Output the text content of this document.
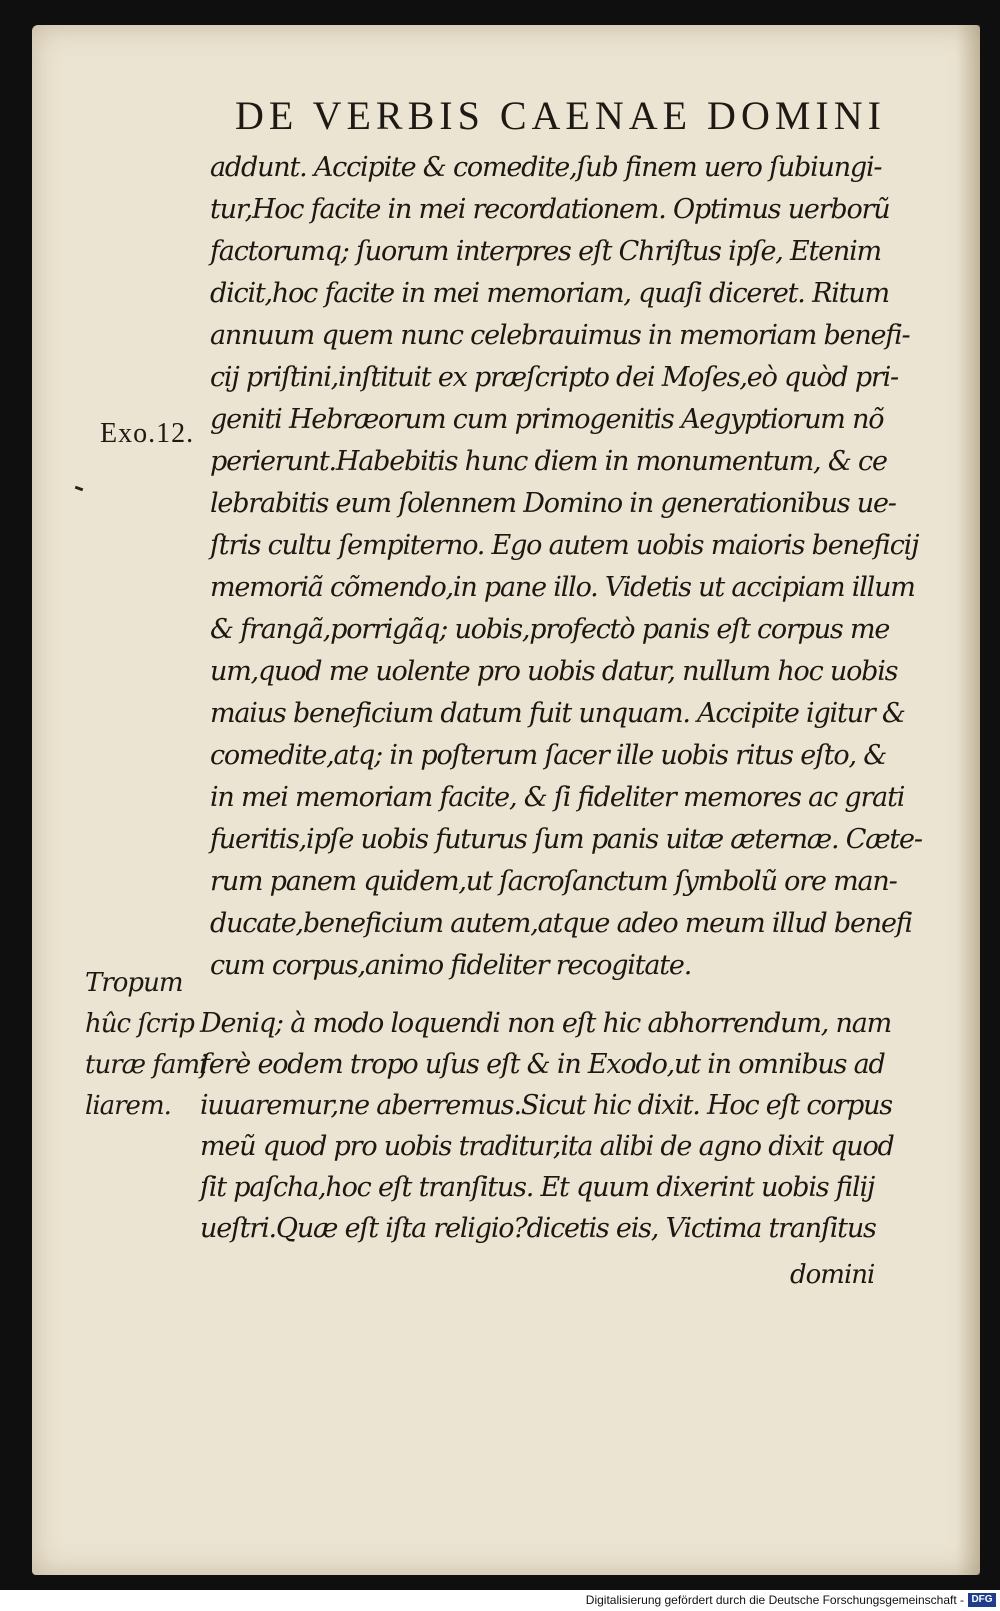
DE VERBIS CAENAE DOMINI
Exo.12.
Tropum
hûc ſcrip
turæ fami
liarem.
addunt. Accipite & comedite,ſub finem uero ſubiungi-
tur,Hoc facite in mei recordationem. Optimus uerborũ
factorumq; ſuorum interpres eſt Chriſtus ipſe, Etenim
dicit,hoc facite in mei memoriam, quaſi diceret. Ritum
annuum quem nunc celebrauimus in memoriam benefi-
cij priſtini,inſtituit ex præſcripto dei Moſes,eò quòd pri-
geniti Hebræorum cum primogenitis Aegyptiorum nõ
perierunt.Habebitis hunc diem in monumentum, & ce
lebrabitis eum ſolennem Domino in generationibus ue-
ſtris cultu ſempiterno. Ego autem uobis maioris beneficij
memoriã cõmendo,in pane illo. Videtis ut accipiam illum
& frangã,porrigãq; uobis,profectò panis eſt corpus me
um,quod me uolente pro uobis datur, nullum hoc uobis
maius beneficium datum fuit unquam. Accipite igitur &
comedite,atq; in poſterum ſacer ille uobis ritus eſto, &
in mei memoriam facite, & ſi fideliter memores ac grati
fueritis,ipſe uobis futurus ſum panis uitæ æternæ. Cæte-
rum panem quidem,ut ſacroſanctum ſymbolũ ore man-
ducate,beneficium autem,atque adeo meum illud benefi
cum corpus,animo fideliter recogitate.
Deniq; à modo loquendi non eſt hic abhorrendum, nam
ferè eodem tropo uſus eſt & in Exodo,ut in omnibus ad
iuuaremur,ne aberremus.Sicut hic dixit. Hoc eſt corpus
meũ quod pro uobis traditur,ita alibi de agno dixit quod
ſit paſcha,hoc eſt tranſitus. Et quum dixerint uobis filij
ueſtri.Quæ eſt iſta religio?dicetis eis, Victima tranſitus
domini
Digitalisierung gefördert durch die Deutsche Forschungsgemeinschaft - DFG
